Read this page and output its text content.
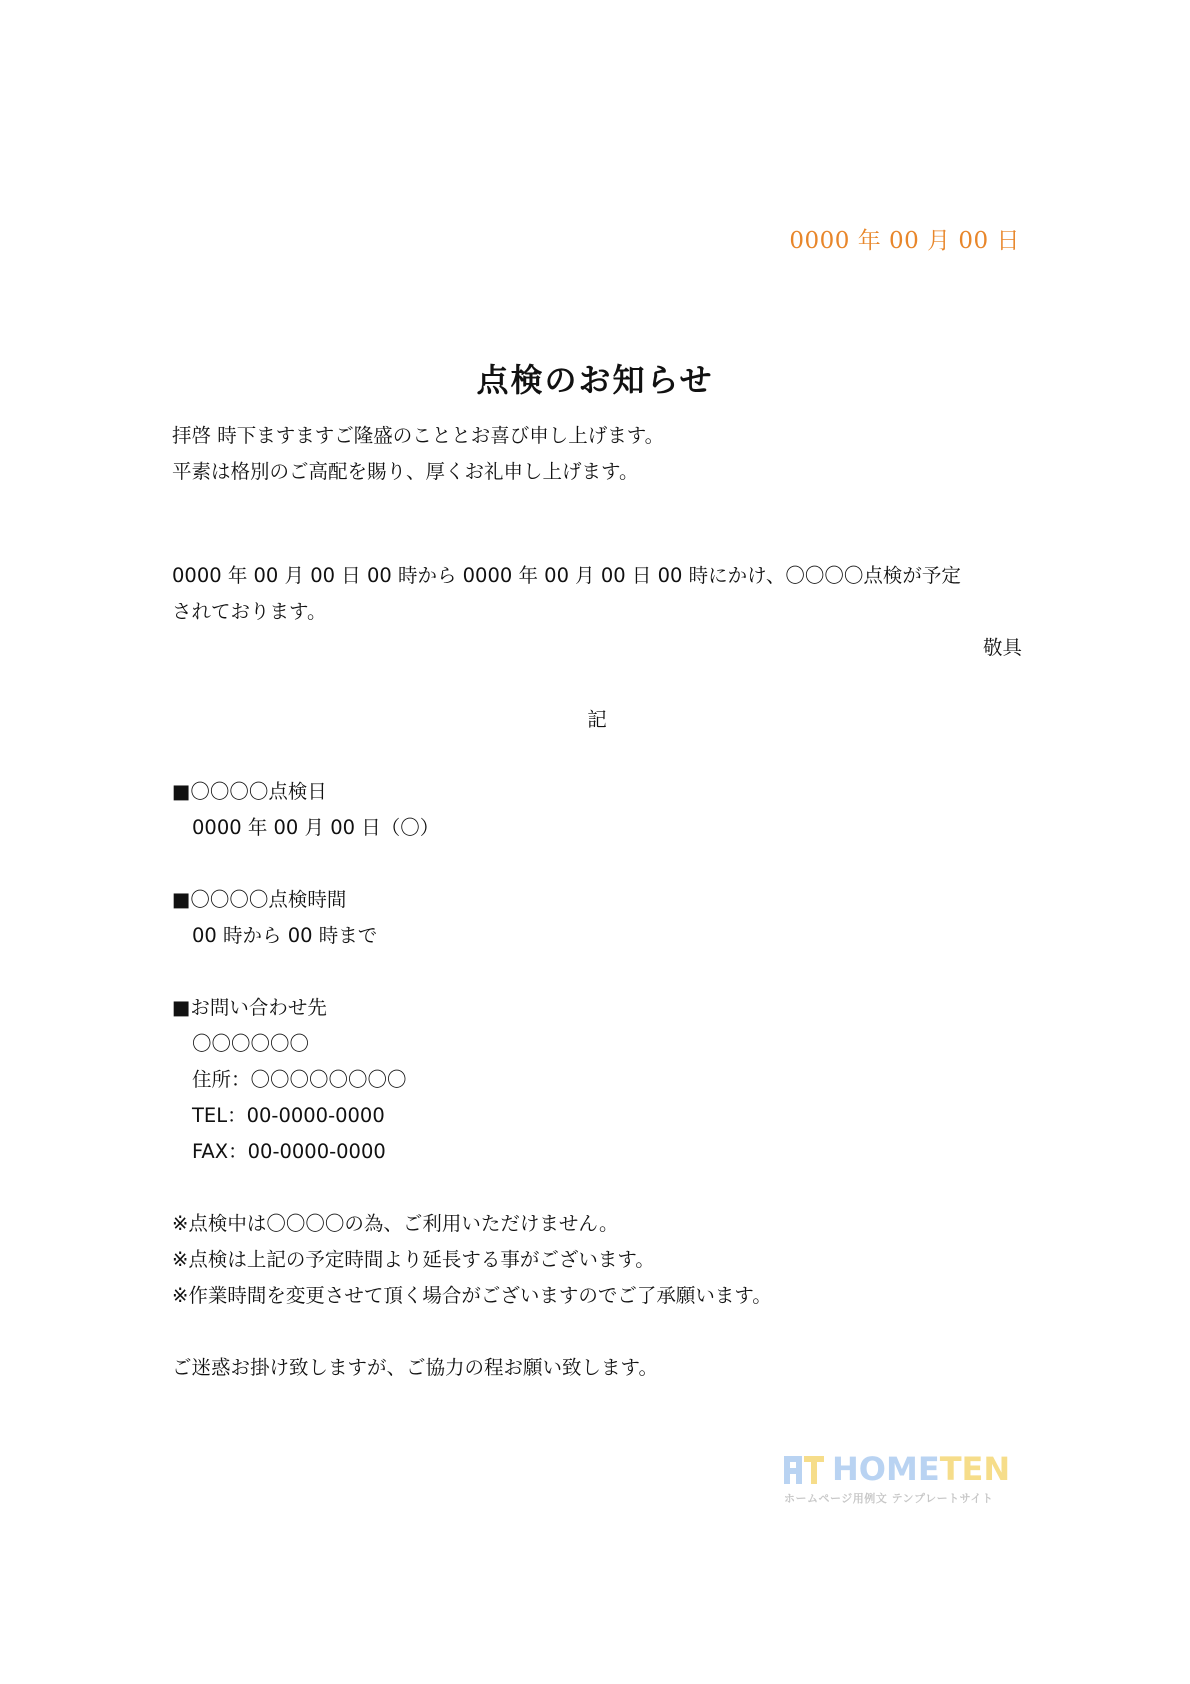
0000 年 00 月 00 日
点検のお知らせ
拝啓 時下ますますご隆盛のこととお喜び申し上げます。
平素は格別のご高配を賜り、厚くお礼申し上げます。
0000 年 00 月 00 日 00 時から 0000 年 00 月 00 日 00 時にかけ、〇〇〇〇点検が予定
されております。
敬具
記
■〇〇〇〇点検日
0000 年 00 月 00 日（〇）
■〇〇〇〇点検時間
00 時から 00 時まで
■お問い合わせ先
〇〇〇〇〇〇
住所：〇〇〇〇〇〇〇〇
TEL：00-0000-0000
FAX：00-0000-0000
※点検中は〇〇〇〇の為、ご利用いただけません。
※点検は上記の予定時間より延長する事がございます。
※作業時間を変更させて頂く場合がございますのでご了承願います。
ご迷惑お掛け致しますが、ご協力の程お願い致します。
HOMETEN
ホームページ用例文 テンプレートサイト
